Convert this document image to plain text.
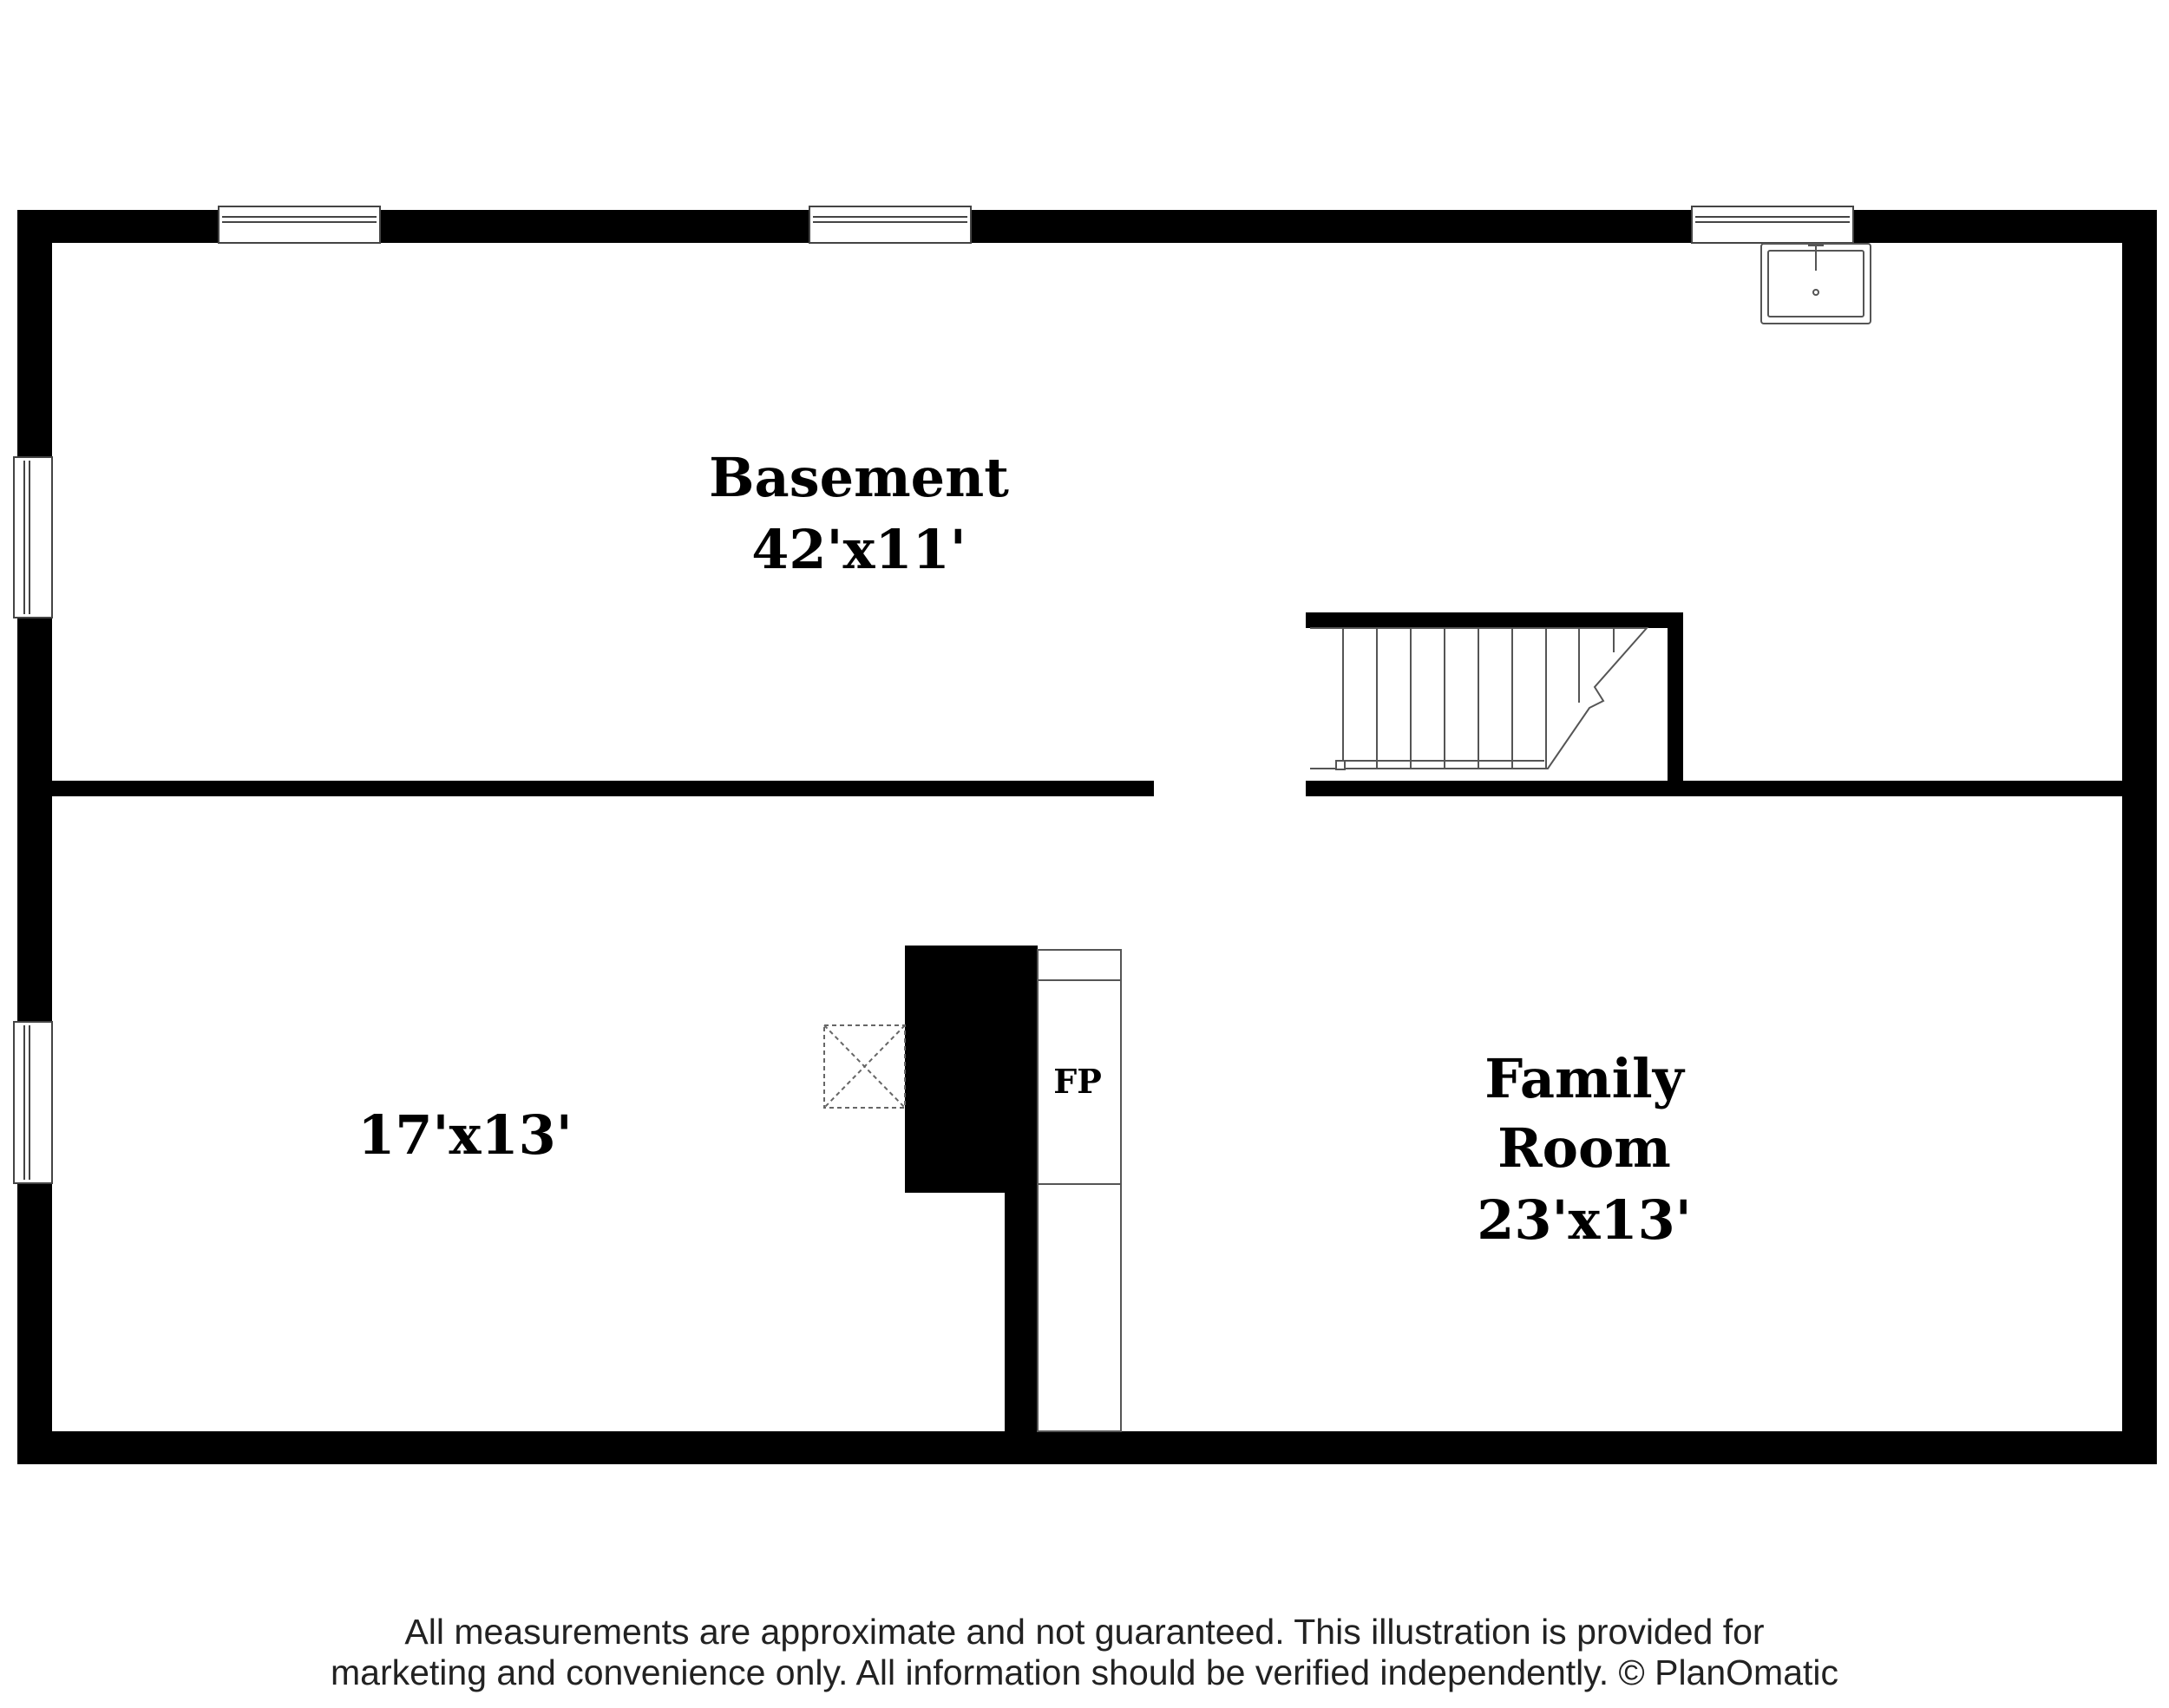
Basement
42'x11'
17'x13'
Family
Room
23'x13'
FP
All measurements are approximate and not guaranteed. This illustration is provided for
marketing and convenience only. All information should be verified independently. © PlanOmatic
